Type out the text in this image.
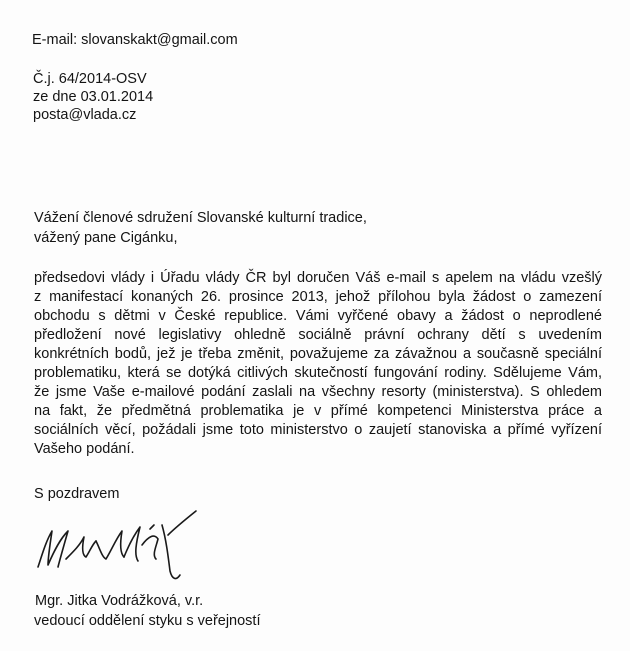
E-mail: slovanskakt@gmail.com
Č.j. 64/2014-OSV
ze dne 03.01.2014
posta@vlada.cz
Vážení členové sdružení Slovanské kulturní tradice,
vážený pane Cigánku,
předsedovi vlády i Úřadu vlády ČR byl doručen Váš e-mail s apelem na vládu vzešlý
z manifestací konaných 26. prosince 2013, jehož přílohou byla žádost o zamezení
obchodu s dětmi v České republice. Vámi vyřčené obavy a žádost o neprodlené
předložení nové legislativy ohledně sociálně právní ochrany dětí s uvedením
konkrétních bodů, jež je třeba změnit, považujeme za závažnou a současně speciální
problematiku, která se dotýká citlivých skutečností fungování rodiny. Sdělujeme Vám,
že jsme Vaše e-mailové podání zaslali na všechny resorty (ministerstva). S ohledem
na fakt, že předmětná problematika je v přímé kompetenci Ministerstva práce a
sociálních věcí, požádali jsme toto ministerstvo o zaujetí stanoviska a přímé vyřízení
Vašeho podání.
S pozdravem
Mgr. Jitka Vodrážková, v.r.
vedoucí oddělení styku s veřejností
